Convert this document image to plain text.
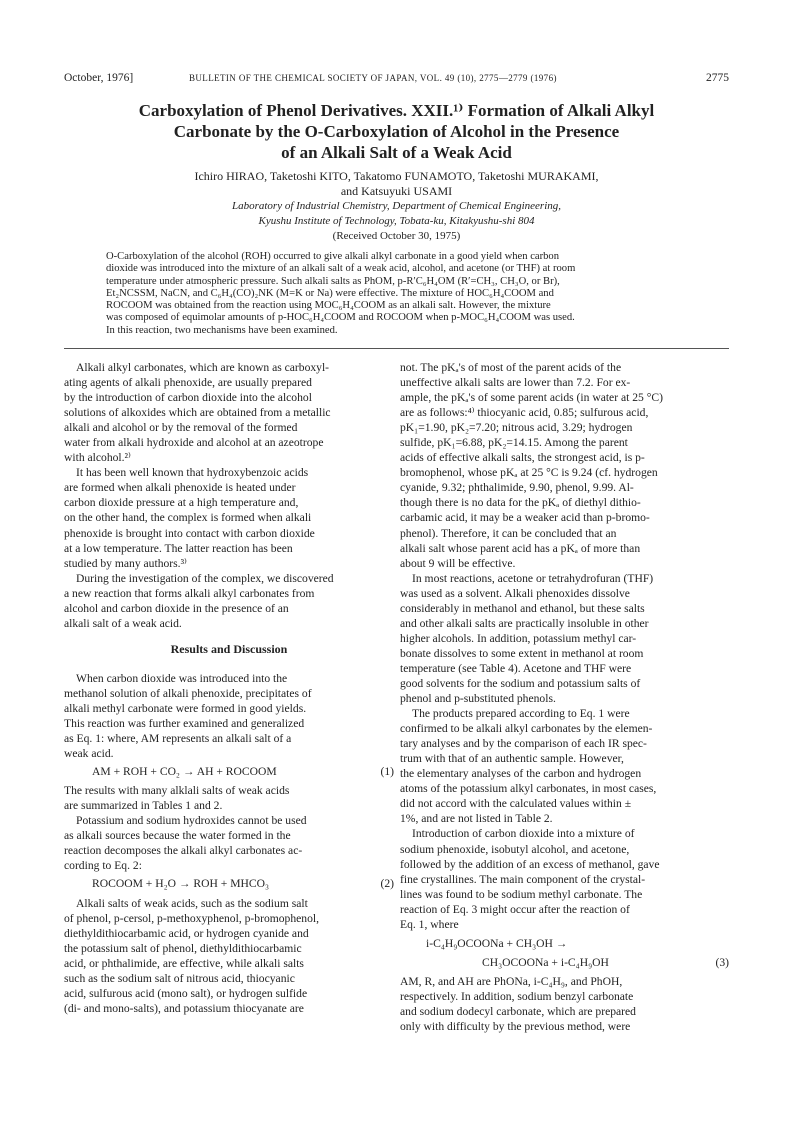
October, 1976]	BULLETIN OF THE CHEMICAL SOCIETY OF JAPAN, VOL. 49 (10), 2775—2779 (1976)	2775
Carboxylation of Phenol Derivatives. XXII.¹⁾ Formation of Alkali Alkyl
Carbonate by the O-Carboxylation of Alcohol in the Presence
of an Alkali Salt of a Weak Acid
Ichiro HIRAO, Taketoshi KITO, Takatomo FUNAMOTO, Taketoshi MURAKAMI,
and Katsuyuki USAMI
Laboratory of Industrial Chemistry, Department of Chemical Engineering,
Kyushu Institute of Technology, Tobata-ku, Kitakyushu-shi 804
(Received October 30, 1975)
O-Carboxylation of the alcohol (ROH) occurred to give alkali alkyl carbonate in a good yield when carbon
dioxide was introduced into the mixture of an alkali salt of a weak acid, alcohol, and acetone (or THF) at room
temperature under atmospheric pressure. Such alkali salts as PhOM, p-R′C₆H₄OM (R′=CH₃, CH₃O, or Br),
Et₂NCSSM, NaCN, and C₆H₄(CO)₂NK (M=K or Na) were effective. The mixture of HOC₆H₄COOM and
ROCOOM was obtained from the reaction using MOC₆H₄COOM as an alkali salt. However, the mixture
was composed of equimolar amounts of p-HOC₆H₄COOM and ROCOOM when p-MOC₆H₄COOM was used.
In this reaction, two mechanisms have been examined.
Alkali alkyl carbonates, which are known as carboxyl-
ating agents of alkali phenoxide, are usually prepared
by the introduction of carbon dioxide into the alcohol
solutions of alkoxides which are obtained from a metallic
alkali and alcohol or by the removal of the formed
water from alkali hydroxide and alcohol at an azeotrope
with alcohol.²⁾
It has been well known that hydroxybenzoic acids
are formed when alkali phenoxide is heated under
carbon dioxide pressure at a high temperature and,
on the other hand, the complex is formed when alkali
phenoxide is brought into contact with carbon dioxide
at a low temperature. The latter reaction has been
studied by many authors.³⁾
During the investigation of the complex, we discovered
a new reaction that forms alkali alkyl carbonates from
alcohol and carbon dioxide in the presence of an
alkali salt of a weak acid.
Results and Discussion
When carbon dioxide was introduced into the
methanol solution of alkali phenoxide, precipitates of
alkali methyl carbonate were formed in good yields.
This reaction was further examined and generalized
as Eq. 1: where, AM represents an alkali salt of a
weak acid.
AM + ROH + CO₂ → AH + ROCOOM	(1)
The results with many alklali salts of weak acids
are summarized in Tables 1 and 2.
Potassium and sodium hydroxides cannot be used
as alkali sources because the water formed in the
reaction decomposes the alkali alkyl carbonates ac-
cording to Eq. 2:
ROCOOM + H₂O → ROH + MHCO₃	(2)
Alkali salts of weak acids, such as the sodium salt
of phenol, p-cersol, p-methoxyphenol, p-bromophenol,
diethyldithiocarbamic acid, or hydrogen cyanide and
the potassium salt of phenol, diethyldithiocarbamic
acid, or phthalimide, are effective, while alkali salts
such as the sodium salt of nitrous acid, thiocyanic
acid, sulfurous acid (mono salt), or hydrogen sulfide
(di- and mono-salts), and potassium thiocyanate are
not. The pKₐ's of most of the parent acids of the
uneffective alkali salts are lower than 7.2. For ex-
ample, the pKₐ's of some parent acids (in water at 25 °C)
are as follows:⁴⁾ thiocyanic acid, 0.85; sulfurous acid,
pK₁=1.90, pK₂=7.20; nitrous acid, 3.29; hydrogen
sulfide, pK₁=6.88, pK₂=14.15. Among the parent
acids of effective alkali salts, the strongest acid, is p-
bromophenol, whose pKₐ at 25 °C is 9.24 (cf. hydrogen
cyanide, 9.32; phthalimide, 9.90, phenol, 9.99. Al-
though there is no data for the pKₐ of diethyl dithio-
carbamic acid, it may be a weaker acid than p-bromo-
phenol). Therefore, it can be concluded that an
alkali salt whose parent acid has a pKₐ of more than
about 9 will be effective.
In most reactions, acetone or tetrahydrofuran (THF)
was used as a solvent. Alkali phenoxides dissolve
considerably in methanol and ethanol, but these salts
and other alkali salts are practically insoluble in other
higher alcohols. In addition, potassium methyl car-
bonate dissolves to some extent in methanol at room
temperature (see Table 4). Acetone and THF were
good solvents for the sodium and potassium salts of
phenol and p-substituted phenols.
The products prepared according to Eq. 1 were
confirmed to be alkali alkyl carbonates by the elemen-
tary analyses and by the comparison of each IR spec-
trum with that of an authentic sample. However,
the elementary analyses of the carbon and hydrogen
atoms of the potassium alkyl carbonates, in most cases,
did not accord with the calculated values within ±
1%, and are not listed in Table 2.
Introduction of carbon dioxide into a mixture of
sodium phenoxide, isobutyl alcohol, and acetone,
followed by the addition of an excess of methanol, gave
fine crystallines. The main component of the crystal-
lines was found to be sodium methyl carbonate. The
reaction of Eq. 3 might occur after the reaction of
Eq. 1, where
i-C₄H₉OCOONa + CH₃OH →
CH₃OCOONa + i-C₄H₉OH	(3)
AM, R, and AH are PhONa, i-C₄H₉, and PhOH,
respectively. In addition, sodium benzyl carbonate
and sodium dodecyl carbonate, which are prepared
only with difficulty by the previous method, were
